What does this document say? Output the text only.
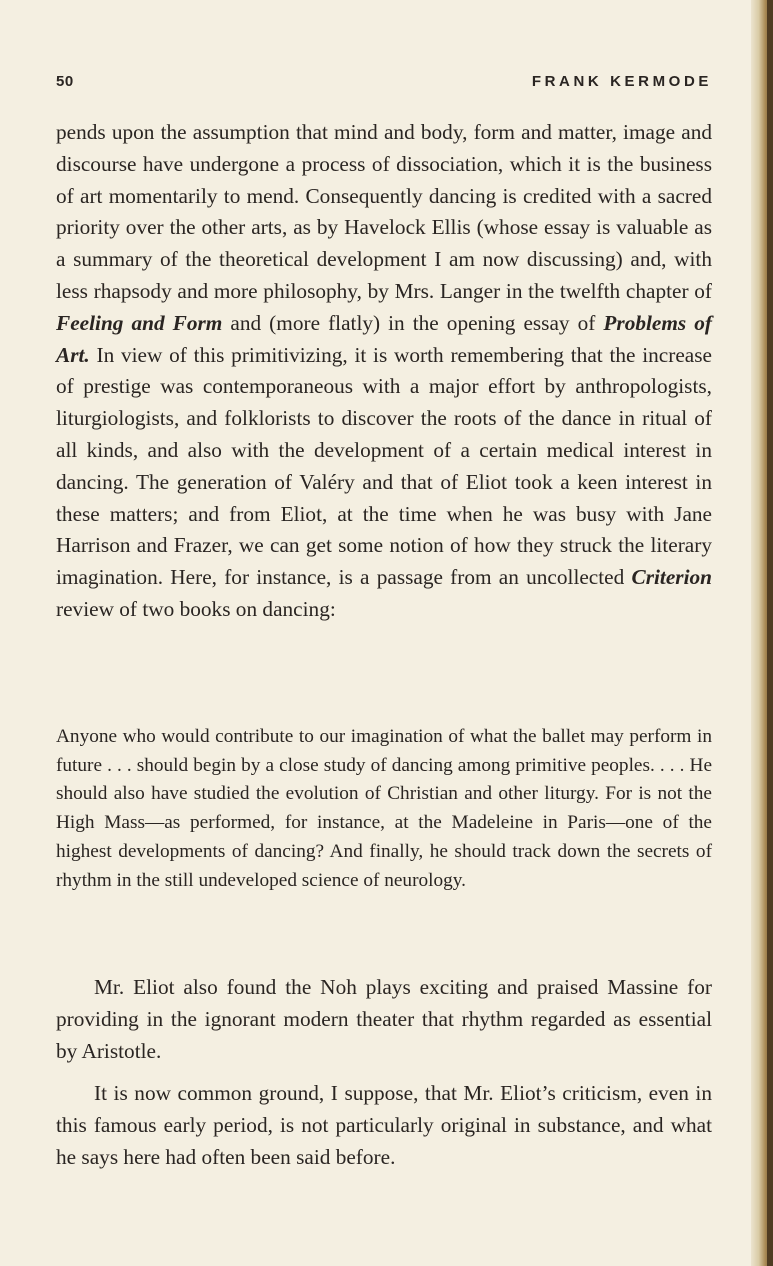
50	FRANK KERMODE

pends upon the assumption that mind and body, form and matter, image and discourse have undergone a process of dissociation, which it is the business of art momentarily to mend. Consequently dancing is credited with a sacred priority over the other arts, as by Havelock Ellis (whose essay is valuable as a summary of the theoretical development I am now discussing) and, with less rhapsody and more philosophy, by Mrs. Langer in the twelfth chapter of Feeling and Form and (more flatly) in the opening essay of Problems of Art. In view of this primitivizing, it is worth remembering that the increase of prestige was contemporaneous with a major effort by anthropologists, liturgiologists, and folklorists to discover the roots of the dance in ritual of all kinds, and also with the development of a certain medical interest in dancing. The generation of Valéry and that of Eliot took a keen interest in these matters; and from Eliot, at the time when he was busy with Jane Harrison and Frazer, we can get some notion of how they struck the literary imagination. Here, for instance, is a passage from an uncollected Criterion review of two books on dancing:

Anyone who would contribute to our imagination of what the ballet may perform in future . . . should begin by a close study of dancing among primitive peoples. . . . He should also have studied the evolution of Christian and other liturgy. For is not the High Mass—as performed, for instance, at the Madeleine in Paris—one of the highest developments of dancing? And finally, he should track down the secrets of rhythm in the still undeveloped science of neurology.

Mr. Eliot also found the Noh plays exciting and praised Massine for providing in the ignorant modern theater that rhythm regarded as essential by Aristotle.

It is now common ground, I suppose, that Mr. Eliot’s criticism, even in this famous early period, is not particularly original in substance, and what he says here had often been said before.
